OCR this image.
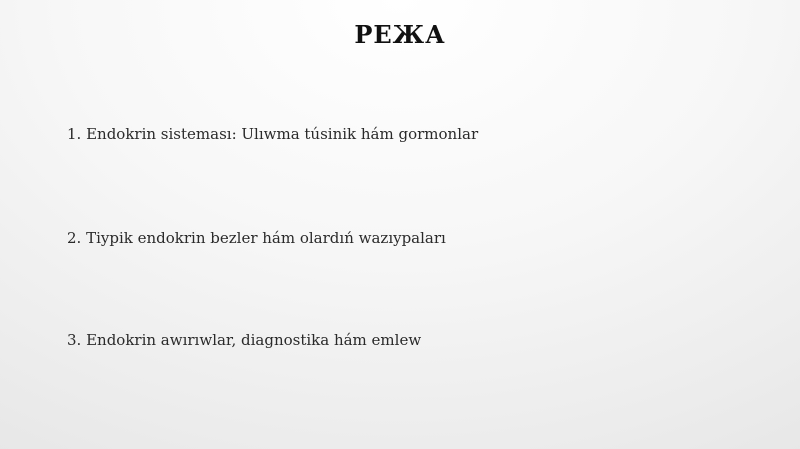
РЕЖА
1. Endokrin sisteması: Ulıwma túsinik hám gormonlar
2. Tiypik endokrin bezler hám olardıń wazıypaları
3. Endokrin awırıwlar, diagnostika hám emlew
